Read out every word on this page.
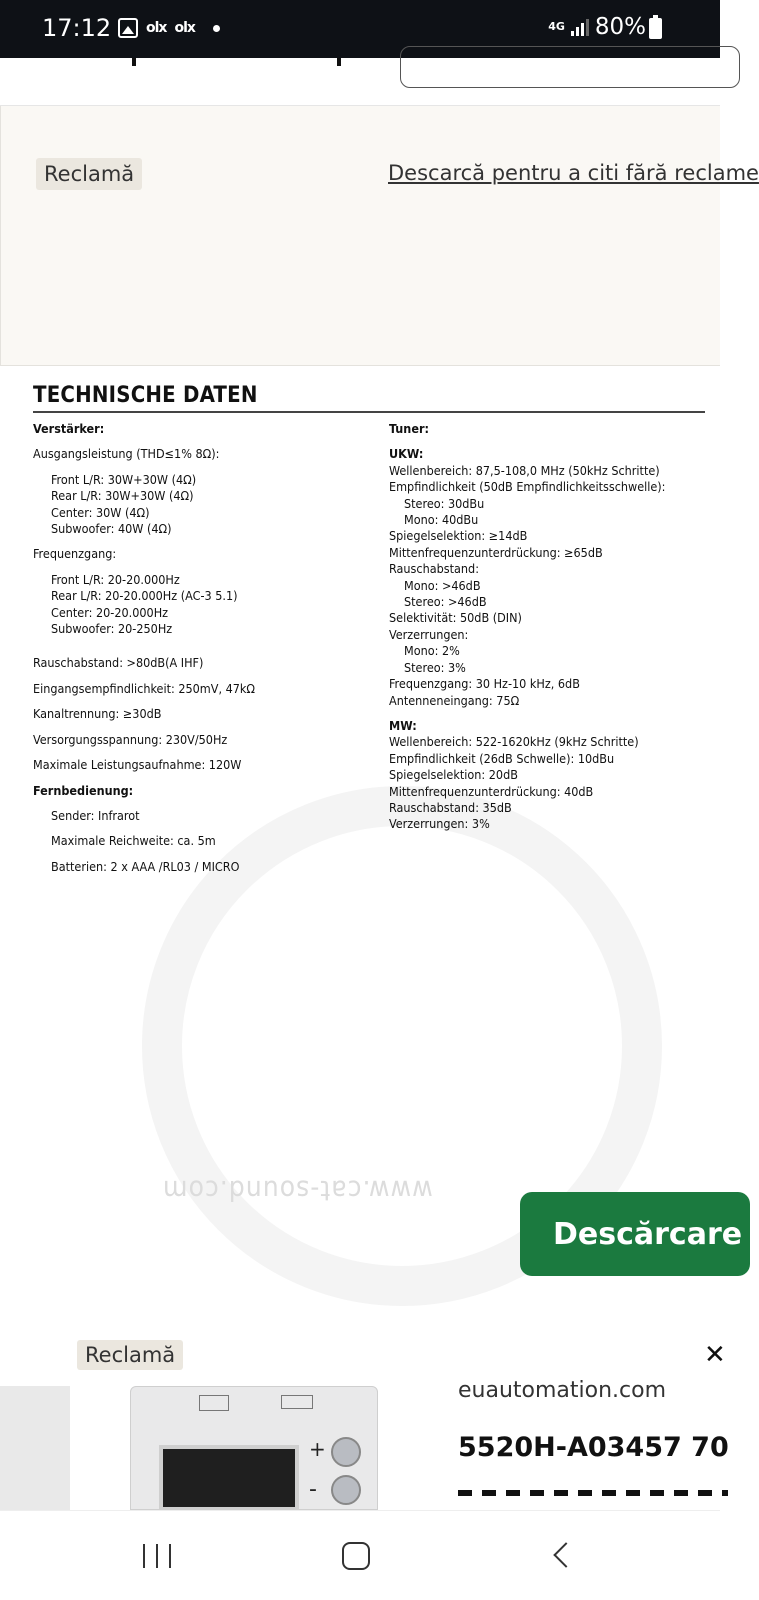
17:12 olx olx	4G 80%
Reclamă	Descarcă pentru a citi fără reclame
www.cat-sound.com
TECHNISCHE DATEN
Verstärker:
Ausgangsleistung (THD≤1% 8Ω):
Front L/R: 30W+30W (4Ω)
Rear L/R: 30W+30W (4Ω)
Center: 30W (4Ω)
Subwoofer: 40W (4Ω)
Frequenzgang:
Front L/R: 20-20.000Hz
Rear L/R: 20-20.000Hz (AC-3 5.1)
Center: 20-20.000Hz
Subwoofer: 20-250Hz
Rauschabstand: >80dB(A IHF)
Eingangsempfindlichkeit: 250mV, 47kΩ
Kanaltrennung: ≥30dB
Versorgungsspannung: 230V/50Hz
Maximale Leistungsaufnahme: 120W
Fernbedienung:
Sender: Infrarot
Maximale Reichweite: ca. 5m
Batterien: 2 x AAA /RL03 / MICRO
Tuner:
UKW:
Wellenbereich: 87,5-108,0 MHz (50kHz Schritte)
Empfindlichkeit (50dB Empfindlichkeitsschwelle):
Stereo: 30dBu
Mono: 40dBu
Spiegelselektion: ≥14dB
Mittenfrequenzunterdrückung: ≥65dB
Rauschabstand:
Mono: >46dB
Stereo: >46dB
Selektivität: 50dB (DIN)
Verzerrungen:
Mono: 2%
Stereo: 3%
Frequenzgang: 30 Hz-10 kHz, 6dB
Antenneneingang: 75Ω
MW:
Wellenbereich: 522-1620kHz (9kHz Schritte)
Empfindlichkeit (26dB Schwelle): 10dBu
Spiegelselektion: 20dB
Mittenfrequenzunterdrückung: 40dB
Rauschabstand: 35dB
Verzerrungen: 3%
Descărcare
Reclamă	✕
+
-
euautomation.com
5520H-A03457 70
